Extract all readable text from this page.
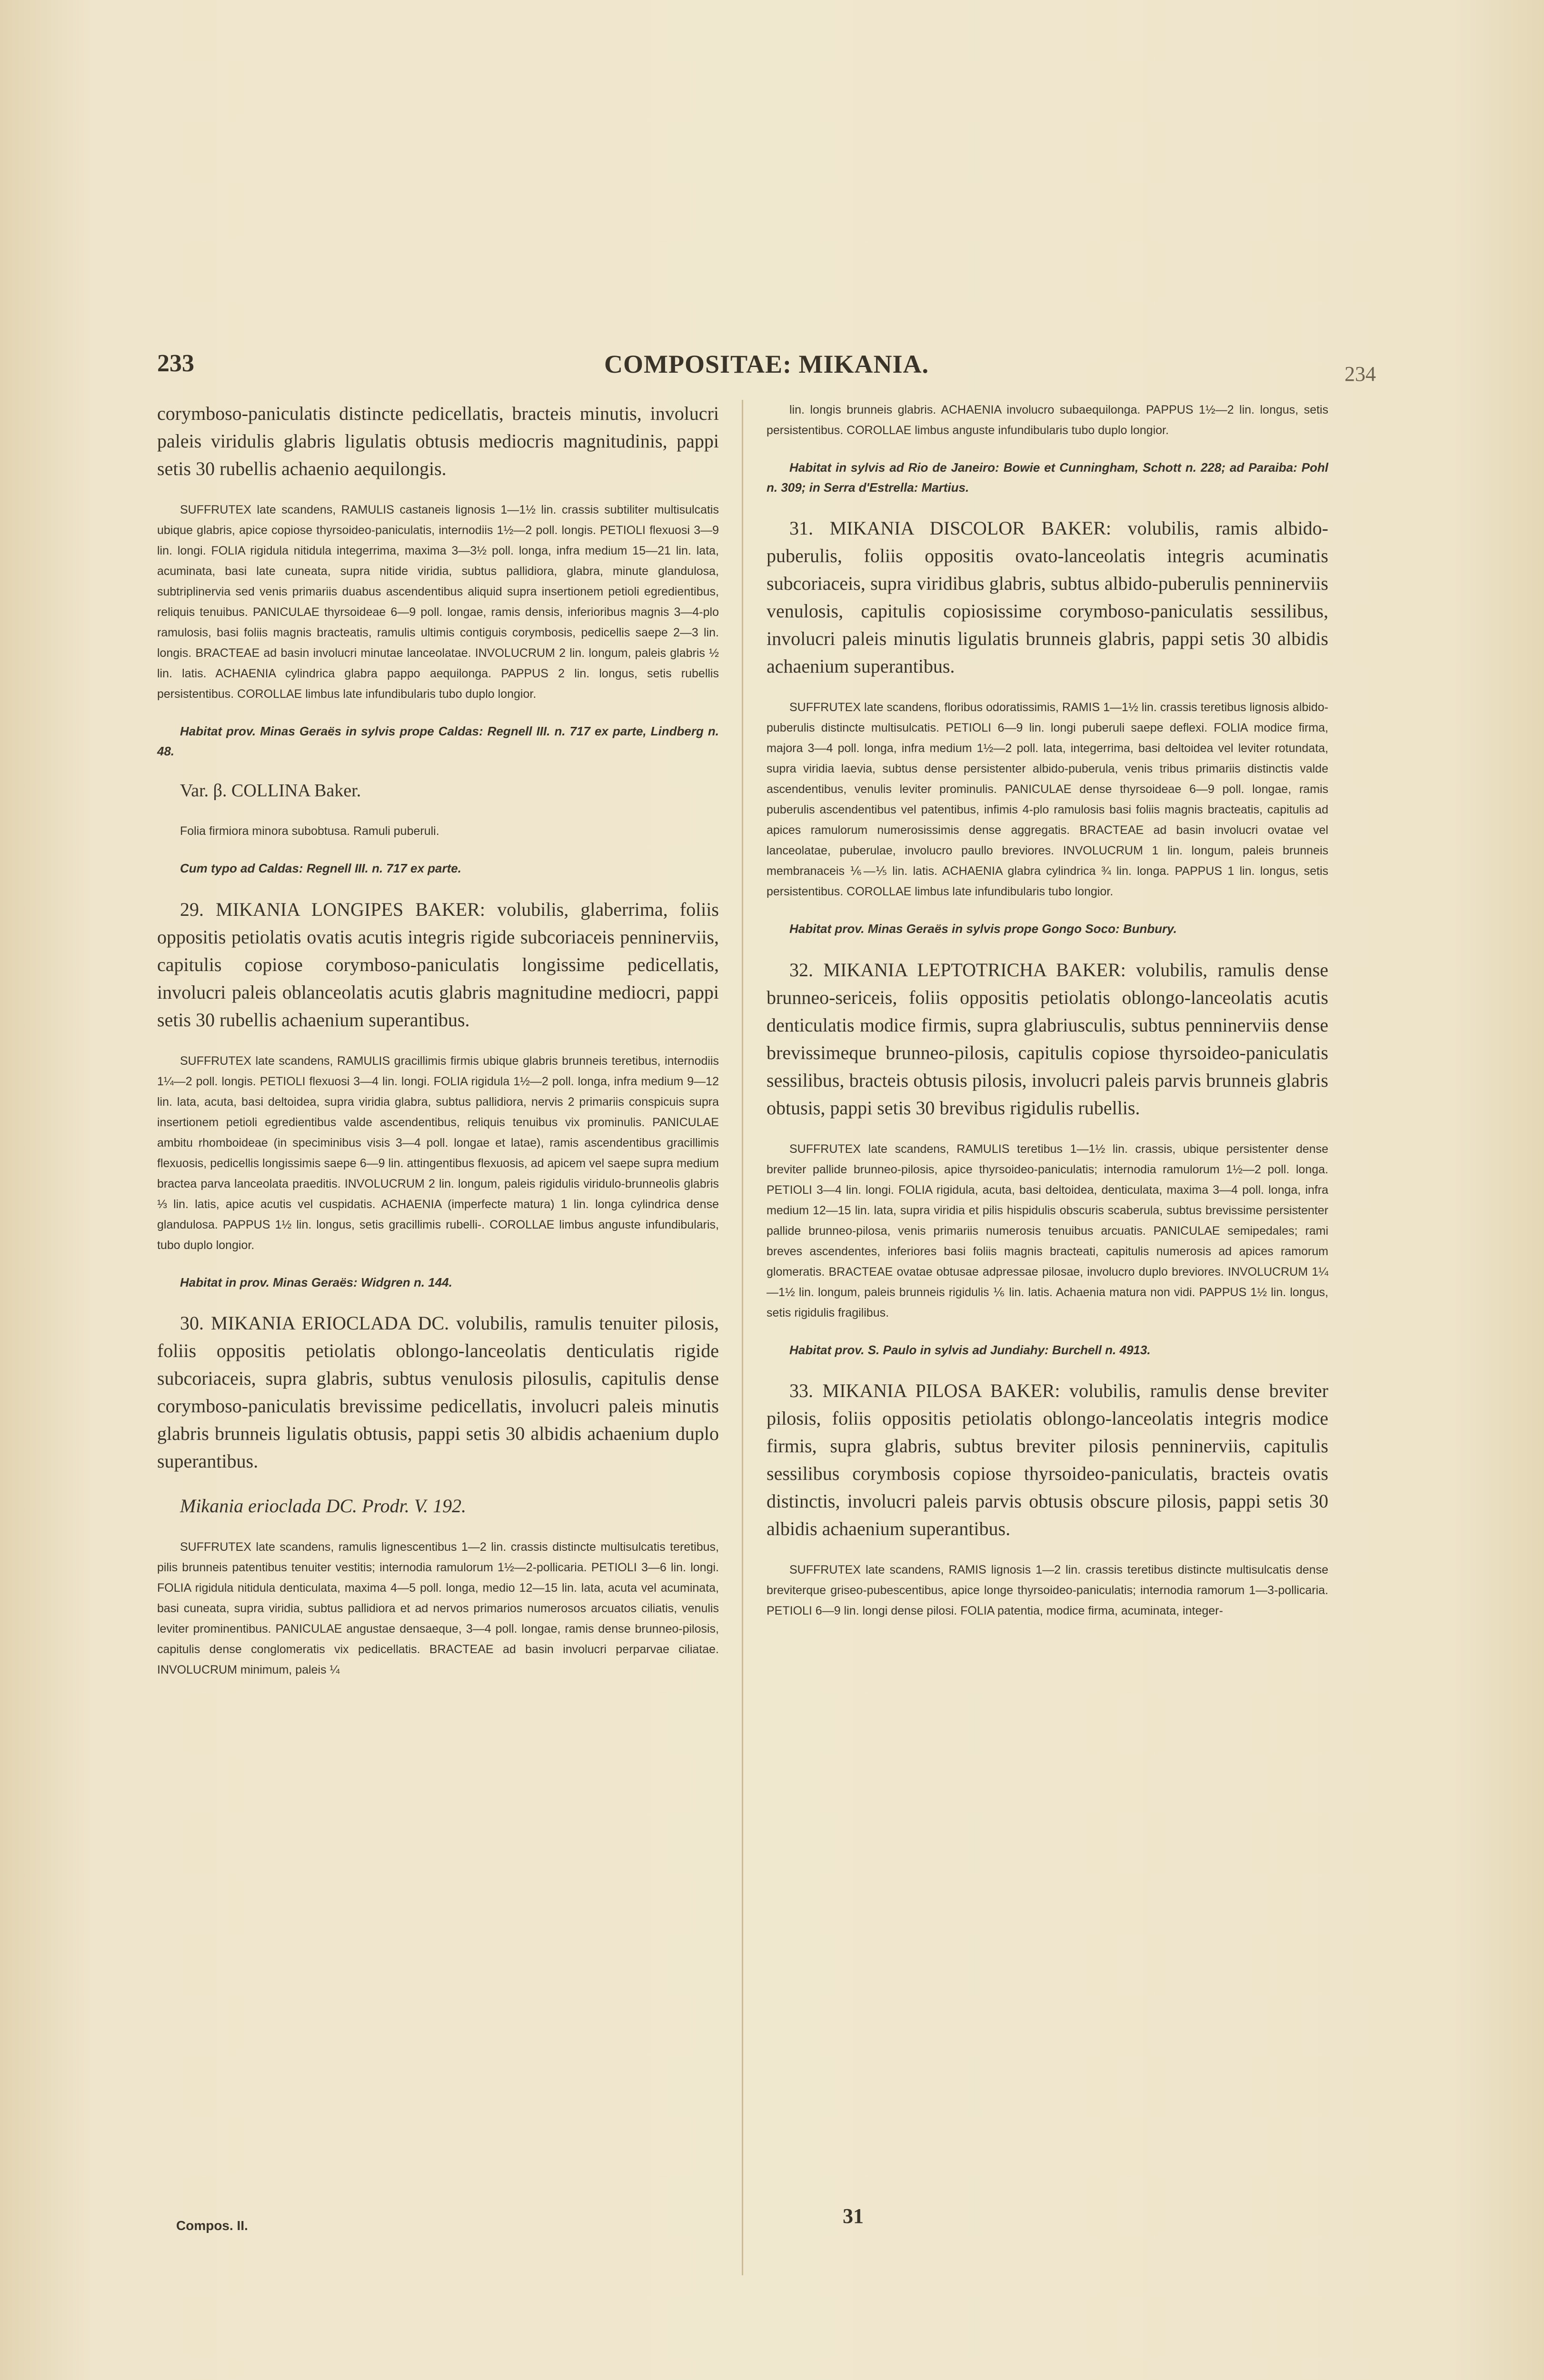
233	COMPOSITAE: MIKANIA.	234

corymboso-paniculatis distincte pedicellatis, bracteis minutis, involucri paleis viridulis glabris ligulatis obtusis mediocris magnitudinis, pappi setis 30 rubellis achaenio aequilongis.

SUFFRUTEX late scandens, RAMULIS castaneis lignosis 1—1½ lin. crassis subtiliter multisulcatis ubique glabris, apice copiose thyrsoideo-paniculatis, internodiis 1½—2 poll. longis. PETIOLI flexuosi 3—9 lin. longi. FOLIA rigidula nitidula integerrima, maxima 3—3½ poll. longa, infra medium 15—21 lin. lata, acuminata, basi late cuneata, supra nitide viridia, subtus pallidiora, glabra, minute glandulosa, subtriplinervia sed venis primariis duabus ascendentibus aliquid supra insertionem petioli egredientibus, reliquis tenuibus. PANICULAE thyrsoideae 6—9 poll. longae, ramis densis, inferioribus magnis 3—4-plo ramulosis, basi foliis magnis bracteatis, ramulis ultimis contiguis corymbosis, pedicellis saepe 2—3 lin. longis. BRACTEAE ad basin involucri minutae lanceolatae. INVOLUCRUM 2 lin. longum, paleis glabris ½ lin. latis. ACHAENIA cylindrica glabra pappo aequilonga. PAPPUS 2 lin. longus, setis rubellis persistentibus. COROLLAE limbus late infundibularis tubo duplo longior.

Habitat prov. Minas Geraës in sylvis prope Caldas: Regnell III. n. 717 ex parte, Lindberg n. 48.

Var. β. COLLINA Baker.

Folia firmiora minora subobtusa. Ramuli puberuli.

Cum typo ad Caldas: Regnell III. n. 717 ex parte.

29. MIKANIA LONGIPES BAKER: volubilis, glaberrima, foliis oppositis petiolatis ovatis acutis integris rigide subcoriaceis penninerviis, capitulis copiose corymboso-paniculatis longissime pedicellatis, involucri paleis oblanceolatis acutis glabris magnitudine mediocri, pappi setis 30 rubellis achaenium superantibus.

SUFFRUTEX late scandens, RAMULIS gracillimis firmis ubique glabris brunneis teretibus, internodiis 1¼—2 poll. longis. PETIOLI flexuosi 3—4 lin. longi. FOLIA rigidula 1½—2 poll. longa, infra medium 9—12 lin. lata, acuta, basi deltoidea, supra viridia glabra, subtus pallidiora, nervis 2 primariis conspicuis supra insertionem petioli egredientibus valde ascendentibus, reliquis tenuibus vix prominulis. PANICULAE ambitu rhomboideae (in speciminibus visis 3—4 poll. longae et latae), ramis ascendentibus gracillimis flexuosis, pedicellis longissimis saepe 6—9 lin. attingentibus flexuosis, ad apicem vel saepe supra medium bractea parva lanceolata praeditis. INVOLUCRUM 2 lin. longum, paleis rigidulis viridulo-brunneolis glabris ⅓ lin. latis, apice acutis vel cuspidatis. ACHAENIA (imperfecte matura) 1 lin. longa cylindrica dense glandulosa. PAPPUS 1½ lin. longus, setis gracillimis rubelli-. COROLLAE limbus anguste infundibularis, tubo duplo longior.

Habitat in prov. Minas Geraës: Widgren n. 144.

30. MIKANIA ERIOCLADA DC. volubilis, ramulis tenuiter pilosis, foliis oppositis petiolatis oblongo-lanceolatis denticulatis rigide subcoriaceis, supra glabris, subtus venulosis pilosulis, capitulis dense corymboso-paniculatis brevissime pedicellatis, involucri paleis minutis glabris brunneis ligulatis obtusis, pappi setis 30 albidis achaenium duplo superantibus.

Mikania erioclada DC. Prodr. V. 192.

SUFFRUTEX late scandens, ramulis lignescentibus 1—2 lin. crassis distincte multisulcatis teretibus, pilis brunneis patentibus tenuiter vestitis; internodia ramulorum 1½—2-pollicaria. PETIOLI 3—6 lin. longi. FOLIA rigidula nitidula denticulata, maxima 4—5 poll. longa, medio 12—15 lin. lata, acuta vel acuminata, basi cuneata, supra viridia, subtus pallidiora et ad nervos primarios numerosos arcuatos ciliatis, venulis leviter prominentibus. PANICULAE angustae densaeque, 3—4 poll. longae, ramis dense brunneo-pilosis, capitulis dense conglomeratis vix pedicellatis. BRACTEAE ad basin involucri perparvae ciliatae. INVOLUCRUM minimum, paleis ¼

lin. longis brunneis glabris. ACHAENIA involucro subaequilonga. PAPPUS 1½—2 lin. longus, setis persistentibus. COROLLAE limbus anguste infundibularis tubo duplo longior.

Habitat in sylvis ad Rio de Janeiro: Bowie et Cunningham, Schott n. 228; ad Paraiba: Pohl n. 309; in Serra d'Estrella: Martius.

31. MIKANIA DISCOLOR BAKER: volubilis, ramis albido-puberulis, foliis oppositis ovato-lanceolatis integris acuminatis subcoriaceis, supra viridibus glabris, subtus albido-puberulis penninerviis venulosis, capitulis copiosissime corymboso-paniculatis sessilibus, involucri paleis minutis ligulatis brunneis glabris, pappi setis 30 albidis achaenium superantibus.

SUFFRUTEX late scandens, floribus odoratissimis, RAMIS 1—1½ lin. crassis teretibus lignosis albido-puberulis distincte multisulcatis. PETIOLI 6—9 lin. longi puberuli saepe deflexi. FOLIA modice firma, majora 3—4 poll. longa, infra medium 1½—2 poll. lata, integerrima, basi deltoidea vel leviter rotundata, supra viridia laevia, subtus dense persistenter albido-puberula, venis tribus primariis distinctis valde ascendentibus, venulis leviter prominulis. PANICULAE dense thyrsoideae 6—9 poll. longae, ramis puberulis ascendentibus vel patentibus, infimis 4-plo ramulosis basi foliis magnis bracteatis, capitulis ad apices ramulorum numerosissimis dense aggregatis. BRACTEAE ad basin involucri ovatae vel lanceolatae, puberulae, involucro paullo breviores. INVOLUCRUM 1 lin. longum, paleis brunneis membranaceis ⅙—⅕ lin. latis. ACHAENIA glabra cylindrica ¾ lin. longa. PAPPUS 1 lin. longus, setis persistentibus. COROLLAE limbus late infundibularis tubo longior.

Habitat prov. Minas Geraës in sylvis prope Gongo Soco: Bunbury.

32. MIKANIA LEPTOTRICHA BAKER: volubilis, ramulis dense brunneo-sericeis, foliis oppositis petiolatis oblongo-lanceolatis acutis denticulatis modice firmis, supra glabriusculis, subtus penninerviis dense brevissimeque brunneo-pilosis, capitulis copiose thyrsoideo-paniculatis sessilibus, bracteis obtusis pilosis, involucri paleis parvis brunneis glabris obtusis, pappi setis 30 brevibus rigidulis rubellis.

SUFFRUTEX late scandens, RAMULIS teretibus 1—1½ lin. crassis, ubique persistenter dense breviter pallide brunneo-pilosis, apice thyrsoideo-paniculatis; internodia ramulorum 1½—2 poll. longa. PETIOLI 3—4 lin. longi. FOLIA rigidula, acuta, basi deltoidea, denticulata, maxima 3—4 poll. longa, infra medium 12—15 lin. lata, supra viridia et pilis hispidulis obscuris scaberula, subtus brevissime persistenter pallide brunneo-pilosa, venis primariis numerosis tenuibus arcuatis. PANICULAE semipedales; rami breves ascendentes, inferiores basi foliis magnis bracteati, capitulis numerosis ad apices ramorum glomeratis. BRACTEAE ovatae obtusae adpressae pilosae, involucro duplo breviores. INVOLUCRUM 1¼—1½ lin. longum, paleis brunneis rigidulis ⅙ lin. latis. Achaenia matura non vidi. PAPPUS 1½ lin. longus, setis rigidulis fragilibus.

Habitat prov. S. Paulo in sylvis ad Jundiahy: Burchell n. 4913.

33. MIKANIA PILOSA BAKER: volubilis, ramulis dense breviter pilosis, foliis oppositis petiolatis oblongo-lanceolatis integris modice firmis, supra glabris, subtus breviter pilosis penninerviis, capitulis sessilibus corymbosis copiose thyrsoideo-paniculatis, bracteis ovatis distinctis, involucri paleis parvis obtusis obscure pilosis, pappi setis 30 albidis achaenium superantibus.

SUFFRUTEX late scandens, RAMIS lignosis 1—2 lin. crassis teretibus distincte multisulcatis dense breviterque griseo-pubescentibus, apice longe thyrsoideo-paniculatis; internodia ramorum 1—3-pollicaria. PETIOLI 6—9 lin. longi dense pilosi. FOLIA patentia, modice firma, acuminata, integer-

Compos. II.	31
